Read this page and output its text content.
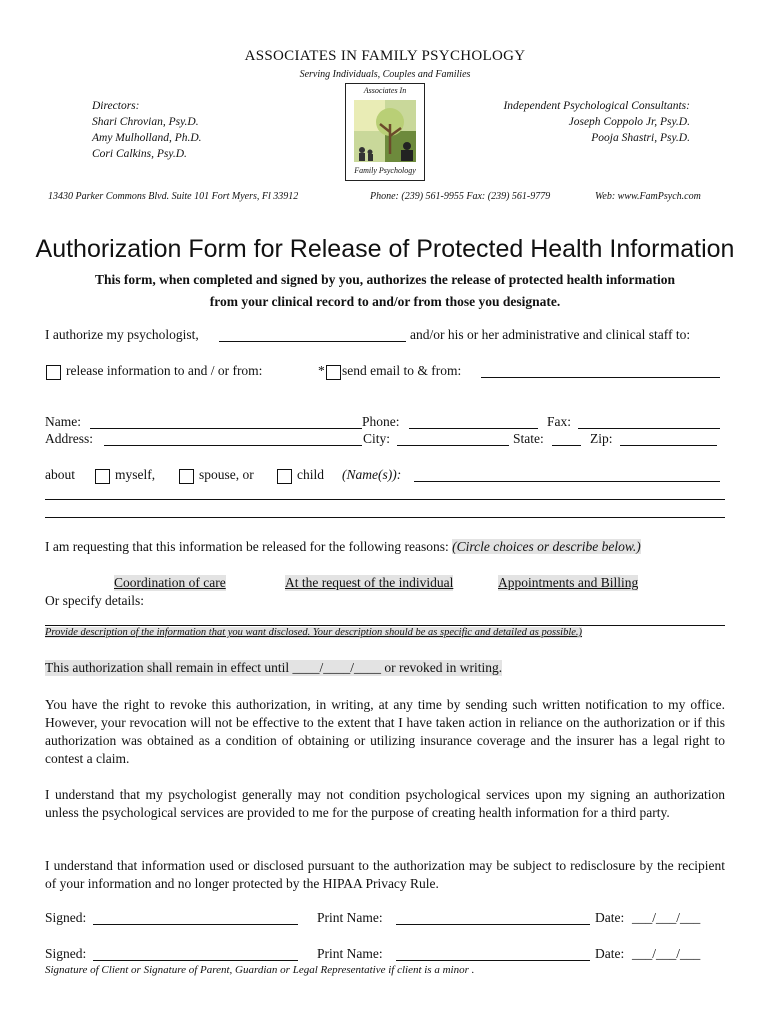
ASSOCIATES IN FAMILY PSYCHOLOGY
Serving Individuals, Couples and Families
Directors:
Shari Chrovian, Psy.D.
Amy Mulholland, Ph.D.
Cori Calkins, Psy.D.
Associates In
Family Psychology
Independent Psychological Consultants:
Joseph Coppolo Jr, Psy.D.
Pooja Shastri, Psy.D.
13430 Parker Commons Blvd. Suite 101 Fort Myers, Fl 33912	Phone: (239) 561-9955 Fax: (239) 561-9779	Web: www.FamPsych.com
Authorization Form for Release of Protected Health Information
This form, when completed and signed by you, authorizes the release of protected health information
from your clinical record to and/or from those you designate.
I authorize my psychologist,	and/or his or her administrative and clinical staff to:
release information to and / or from:	* send email to & from:
Name:	Phone:	Fax:
Address:	City:	State:	Zip:
about	myself,	spouse, or	child (Name(s)):
I am requesting that this information be released for the following reasons: (Circle choices or describe below.)
Coordination of care	At the request of the individual	Appointments and Billing
Or specify details:
Provide description of the information that you want disclosed. Your description should be as specific and detailed as possible.)
This authorization shall remain in effect until ____/____/____ or revoked in writing.
You have the right to revoke this authorization, in writing, at any time by sending such written notification to my office. However, your revocation will not be effective to the extent that I have taken action in reliance on the authorization or if this authorization was obtained as a condition of obtaining or utilizing insurance coverage and the insurer has a legal right to contest a claim.
I understand that my psychologist generally may not condition psychological services upon my signing an authorization unless the psychological services are provided to me for the purpose of creating health information for a third party.
I understand that information used or disclosed pursuant to the authorization may be subject to redisclosure by the recipient of your information and no longer protected by the HIPAA Privacy Rule.
Signed:	Print Name:	Date: ___/___/___
Signed:	Print Name:	Date: ___/___/___
Signature of Client or Signature of Parent, Guardian or Legal Representative if client is a minor .
